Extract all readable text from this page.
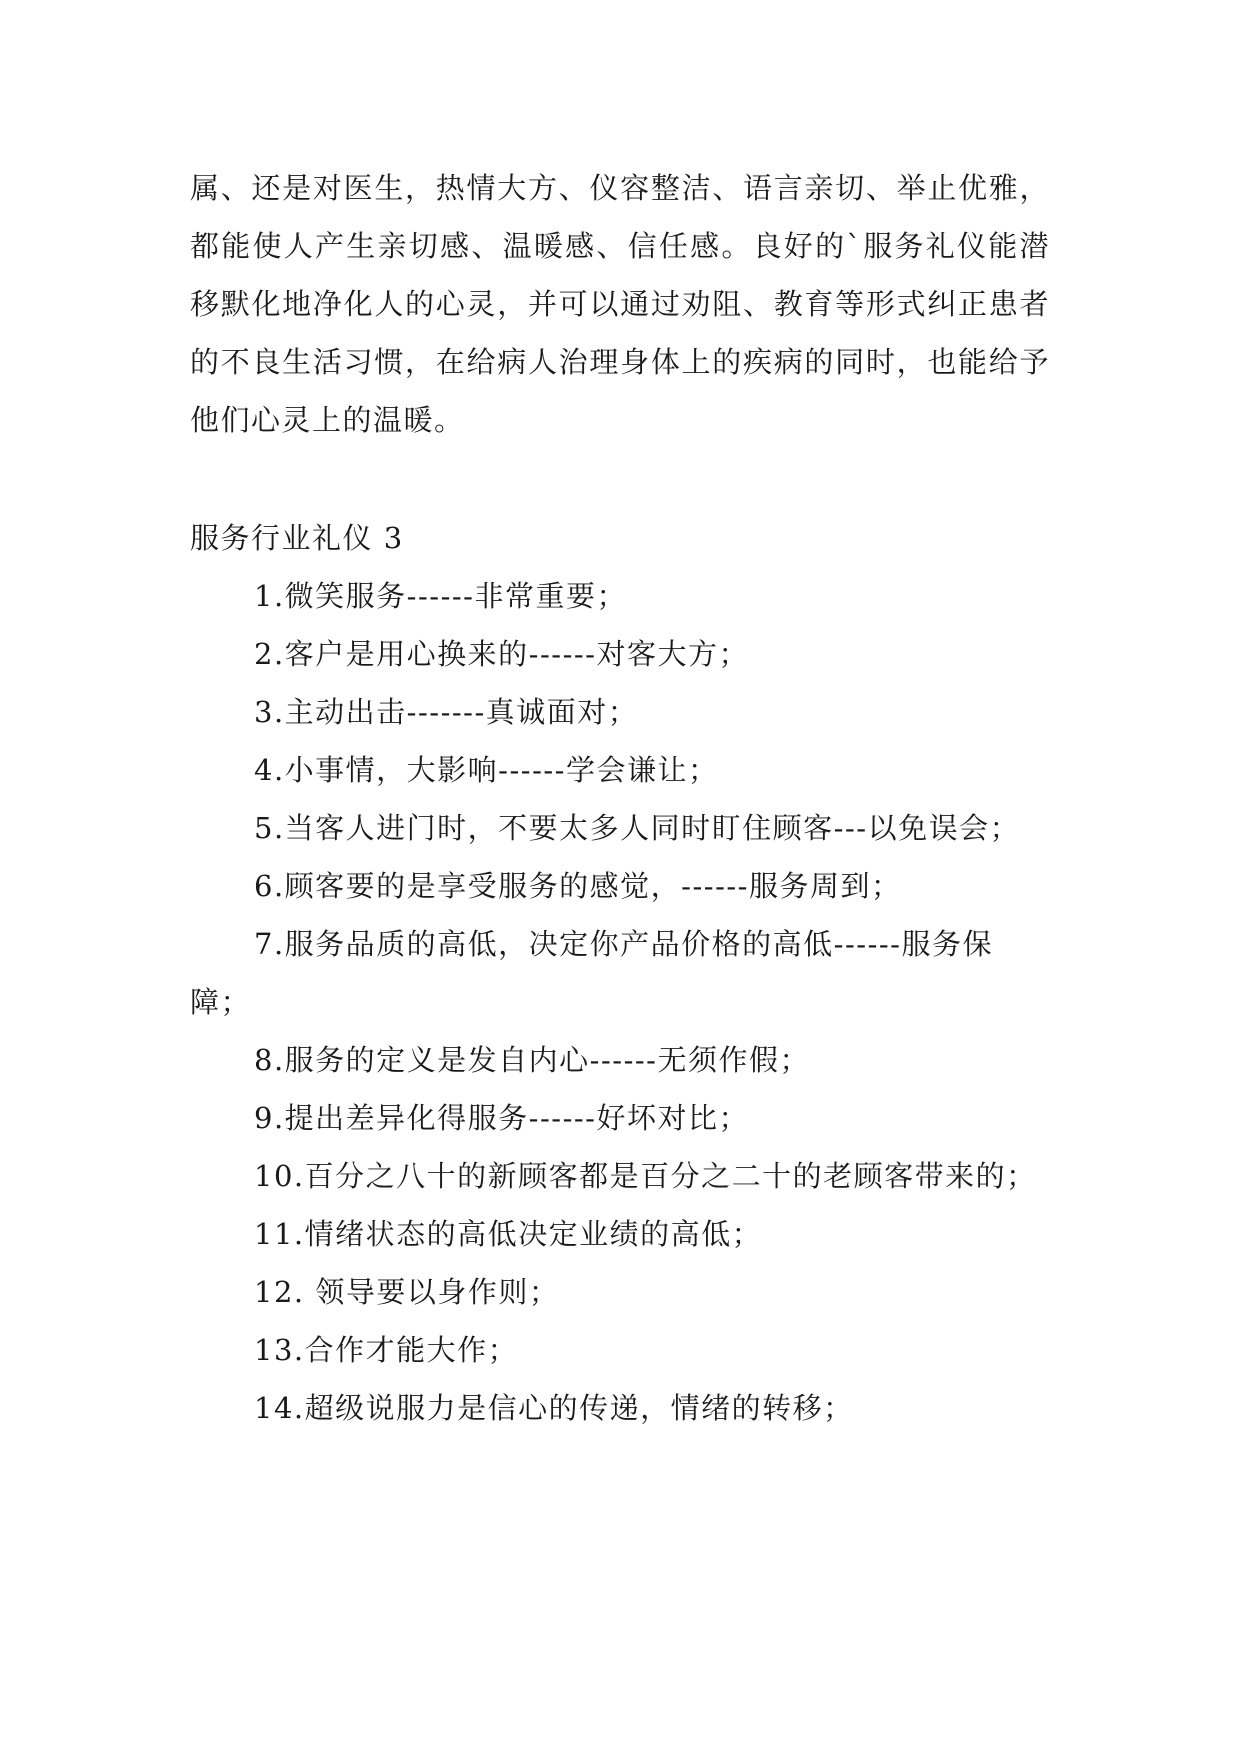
属、还是对医生，热情大方、仪容整洁、语言亲切、举止优雅，都能使人产生亲切感、温暖感、信任感。良好的`服务礼仪能潜移默化地净化人的心灵，并可以通过劝阻、教育等形式纠正患者的不良生活习惯，在给病人治理身体上的疾病的同时，也能给予他们心灵上的温暖。

服务行业礼仪 3
1.微笑服务------非常重要；
2.客户是用心换来的------对客大方；
3.主动出击-------真诚面对；
4.小事情，大影响------学会谦让；
5.当客人进门时，不要太多人同时盯住顾客---以免误会；
6.顾客要的是享受服务的感觉，------服务周到；
7.服务品质的高低，决定你产品价格的高低------服务保障；
8.服务的定义是发自内心------无须作假；
9.提出差异化得服务------好坏对比；
10.百分之八十的新顾客都是百分之二十的老顾客带来的；
11.情绪状态的高低决定业绩的高低；
12. 领导要以身作则；
13.合作才能大作；
14.超级说服力是信心的传递，情绪的转移；
